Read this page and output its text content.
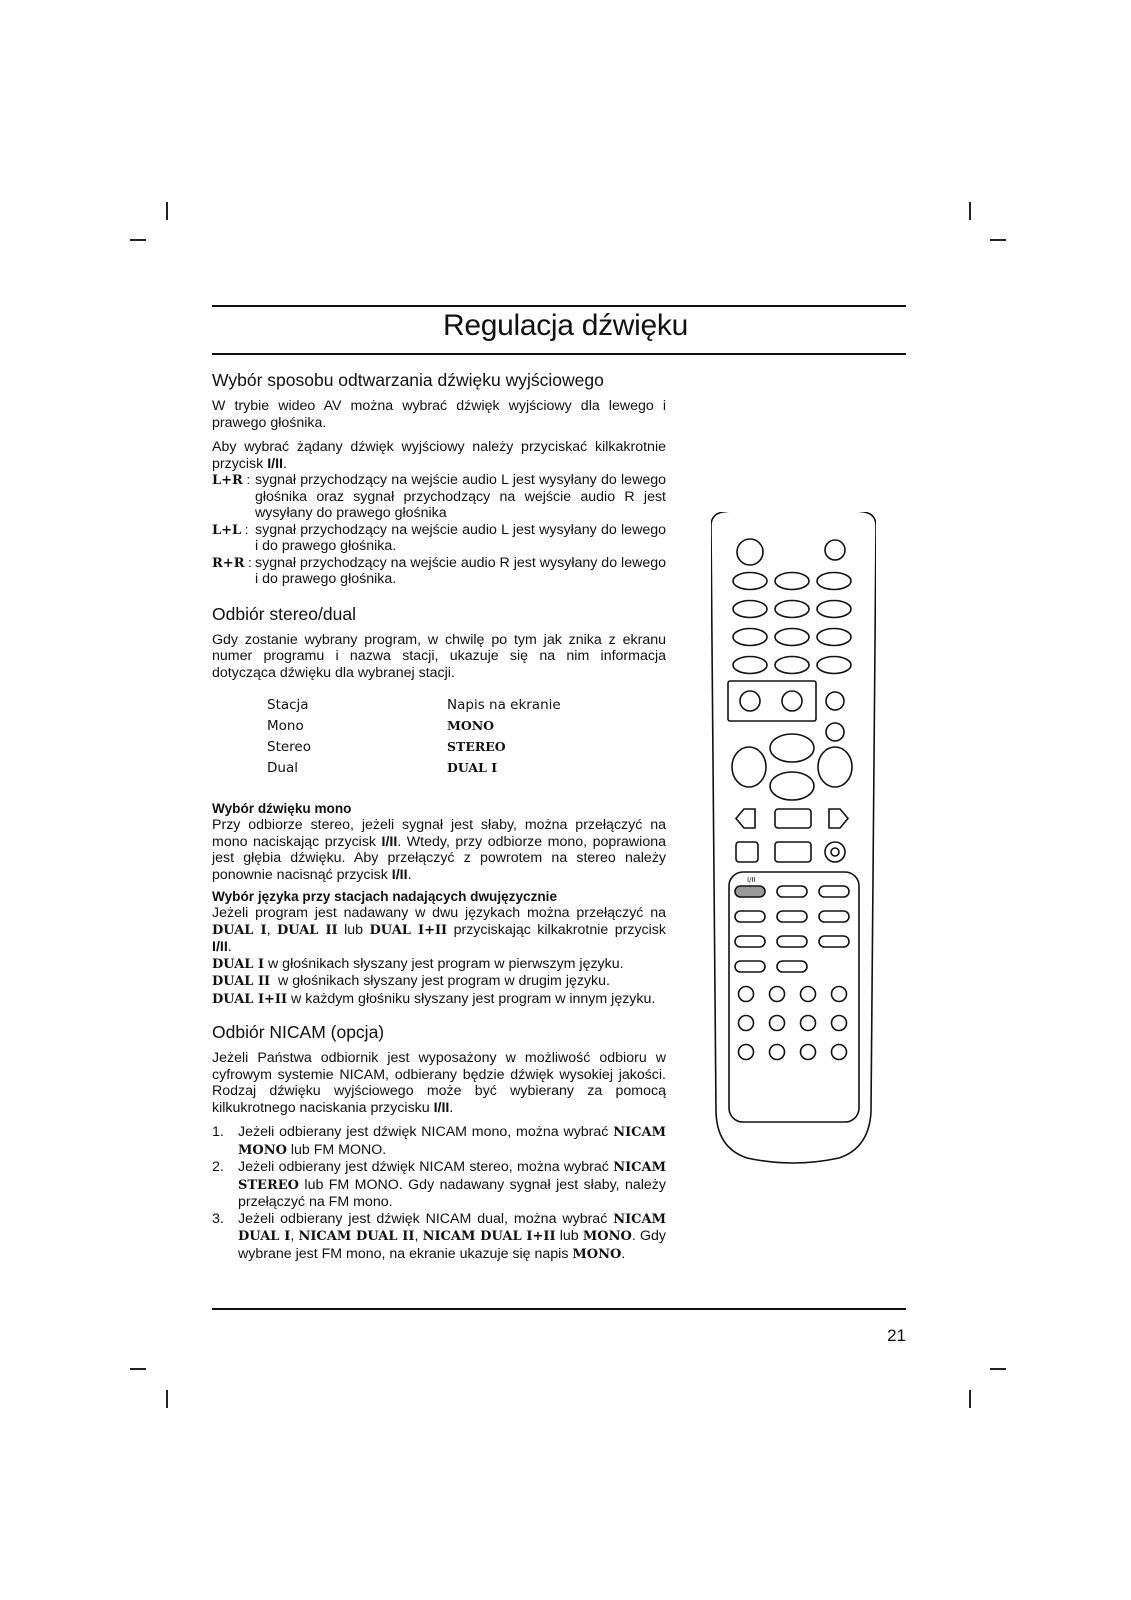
Regulacja dźwięku
Wybór sposobu odtwarzania dźwięku wyjściowego

W trybie wideo AV można wybrać dźwięk wyjściowy dla lewego i prawego głośnika.

Aby wybrać żądany dźwięk wyjściowy należy przyciskać kilkakrotnie przycisk I/II.

L+R : sygnał przychodzący na wejście audio L jest wysyłany do lewego głośnika oraz sygnał przychodzący na wejście audio R jest wysyłany do prawego głośnika
L+L : sygnał przychodzący na wejście audio L jest wysyłany do lewego i do prawego głośnika.
R+R : sygnał przychodzący na wejście audio R jest wysyłany do lewego i do prawego głośnika.
Odbiór stereo/dual

Gdy zostanie wybrany program, w chwilę po tym jak znika z ekranu numer programu i nazwa stacji, ukazuje się na nim informacja dotycząca dźwięku dla wybranej stacji.

Stacja	Napis na ekranie
Mono	MONO
Stereo	STEREO
Dual	DUAL I
Wybór dźwięku mono

Przy odbiorze stereo, jeżeli sygnał jest słaby, można przełączyć na mono naciskając przycisk I/II. Wtedy, przy odbiorze mono, poprawiona jest głębia dźwięku. Aby przełączyć z powrotem na stereo należy ponownie nacisnąć przycisk I/II.

Wybór języka przy stacjach nadających dwujęzycznie

Jeżeli program jest nadawany w dwu językach można przełączyć na DUAL I, DUAL II lub DUAL I+II przyciskając kilkakrotnie przycisk I/II.

DUAL I w głośnikach słyszany jest program w pierwszym języku.

DUAL II  w głośnikach słyszany jest program w drugim języku.

DUAL I+II w każdym głośniku słyszany jest program w innym języku.

Odbiór NICAM (opcja)

Jeżeli Państwa odbiornik jest wyposażony w możliwość odbioru w cyfrowym systemie NICAM, odbierany będzie dźwięk wysokiej jakości. Rodzaj dźwięku wyjściowego może być wybierany za pomocą kilkukrotnego naciskania przycisku I/II.

1. Jeżeli odbierany jest dźwięk NICAM mono, można wybrać NICAM MONO lub FM MONO.
2. Jeżeli odbierany jest dźwięk NICAM stereo, można wybrać NICAM STEREO lub FM MONO. Gdy nadawany sygnał jest słaby, należy przełączyć na FM mono.
3. Jeżeli odbierany jest dźwięk NICAM dual, można wybrać NICAM DUAL I, NICAM DUAL II, NICAM DUAL I+II lub MONO. Gdy wybrane jest FM mono, na ekranie ukazuje się napis MONO.
I/II
21
